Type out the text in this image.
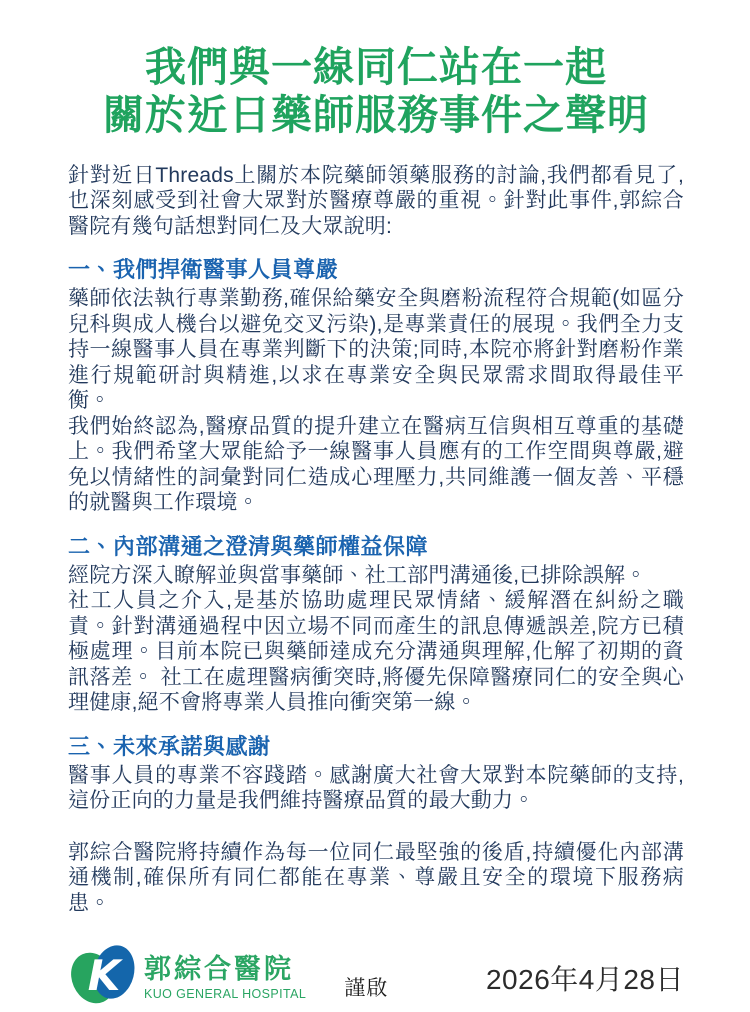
我們與一線同仁站在一起
關於近日藥師服務事件之聲明

針對近日Threads上關於本院藥師領藥服務的討論,我們都看見了,也深刻感受到社會大眾對於醫療尊嚴的重視。針對此事件,郭綜合醫院有幾句話想對同仁及大眾說明:

一、我們捍衛醫事人員尊嚴

藥師依法執行專業勤務,確保給藥安全與磨粉流程符合規範(如區分兒科與成人機台以避免交叉污染),是專業責任的展現。我們全力支持一線醫事人員在專業判斷下的決策;同時,本院亦將針對磨粉作業進行規範研討與精進,以求在專業安全與民眾需求間取得最佳平衡。

我們始終認為,醫療品質的提升建立在醫病互信與相互尊重的基礎上。我們希望大眾能給予一線醫事人員應有的工作空間與尊嚴,避免以情緒性的詞彙對同仁造成心理壓力,共同維護一個友善、平穩的就醫與工作環境。

二、內部溝通之澄清與藥師權益保障

經院方深入瞭解並與當事藥師、社工部門溝通後,已排除誤解。

社工人員之介入,是基於協助處理民眾情緒、緩解潛在糾紛之職責。針對溝通過程中因立場不同而產生的訊息傳遞誤差,院方已積極處理。目前本院已與藥師達成充分溝通與理解,化解了初期的資訊落差。 社工在處理醫病衝突時,將優先保障醫療同仁的安全與心理健康,絕不會將專業人員推向衝突第一線。

三、未來承諾與感謝

醫事人員的專業不容踐踏。感謝廣大社會大眾對本院藥師的支持,這份正向的力量是我們維持醫療品質的最大動力。

郭綜合醫院將持續作為每一位同仁最堅強的後盾,持續優化內部溝通機制,確保所有同仁都能在專業、尊嚴且安全的環境下服務病患。

K 郭綜合醫院
KUO GENERAL HOSPITAL 謹啟	2026年4月28日
